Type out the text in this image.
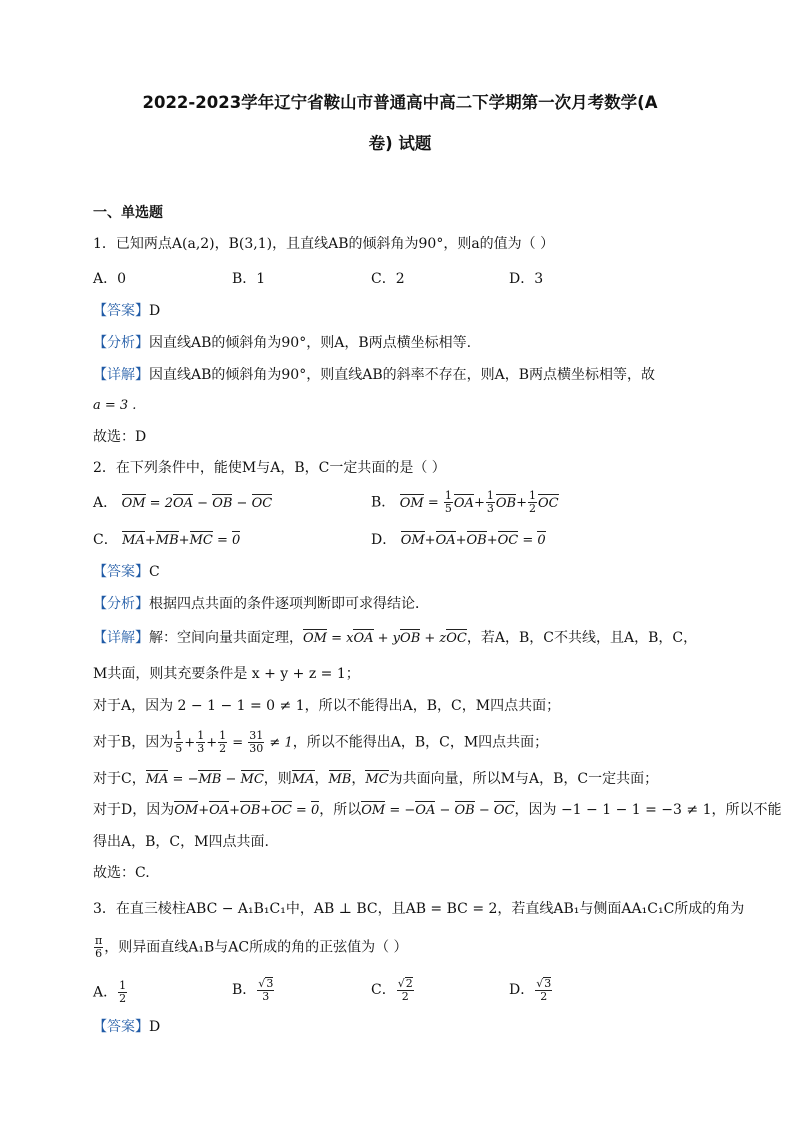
2022-2023学年辽宁省鞍山市普通高中高二下学期第一次月考数学(A
卷) 试题
一、单选题
1．已知两点A(a,2)，B(3,1)，且直线AB的倾斜角为90°，则a的值为（ ）
A．0	B．1	C．2	D．3
【答案】D
【分析】因直线AB的倾斜角为90°，则A，B两点横坐标相等.
【详解】因直线AB的倾斜角为90°，则直线AB的斜率不存在，则A，B两点横坐标相等，故
a = 3 .
故选：D
2．在下列条件中，能使M与A，B，C一定共面的是（ ）
A． OM = 2OA − OB − OC	B． OM = $\frac{1}{5} OA+ \frac{1}{3} OB+ \frac{1}{2}$ OC
C． MA+MB+MC = 0	D． OM+OA+OB+OC = 0
【答案】C
【分析】根据四点共面的条件逐项判断即可求得结论．
【详解】解：空间向量共面定理，OM = xOA + yOB + zOC，若A，B，C不共线，且A，B，C，
M共面，则其充要条件是 x + y + z = 1；
对于A，因为 2 − 1 − 1 = 0 ≠ 1，所以不能得出A，B，C，M四点共面；
对于B，因为 $\frac{1}{5} + \frac{1}{3} + \frac{1}{2} = \frac{31}{30} \ne 1$，所以不能得出A，B，C，M四点共面；
对于C，MA = −MB − MC，则MA，MB，MC为共面向量，所以M与A，B，C一定共面；
对于D，因为OM+OA+OB+OC = 0，所以OM = −OA − OB − OC，因为 −1 − 1 − 1 = −3 ≠ 1，所以不能
得出A，B，C，M四点共面.
故选：C.
3．在直三棱柱ABC − A₁B₁C₁中，AB ⊥ BC，且AB = BC = 2，若直线AB₁与侧面AA₁C₁C所成的角为
$\frac{\pi}{6}$ ，则异面直线A₁B与AC所成的角的正弦值为（ ）
A． $\frac{1}{2}$	B． $\frac{√3}{3}$	C． $\frac{√2}{2}$	D． $\frac{√3}{2}$
【答案】D
